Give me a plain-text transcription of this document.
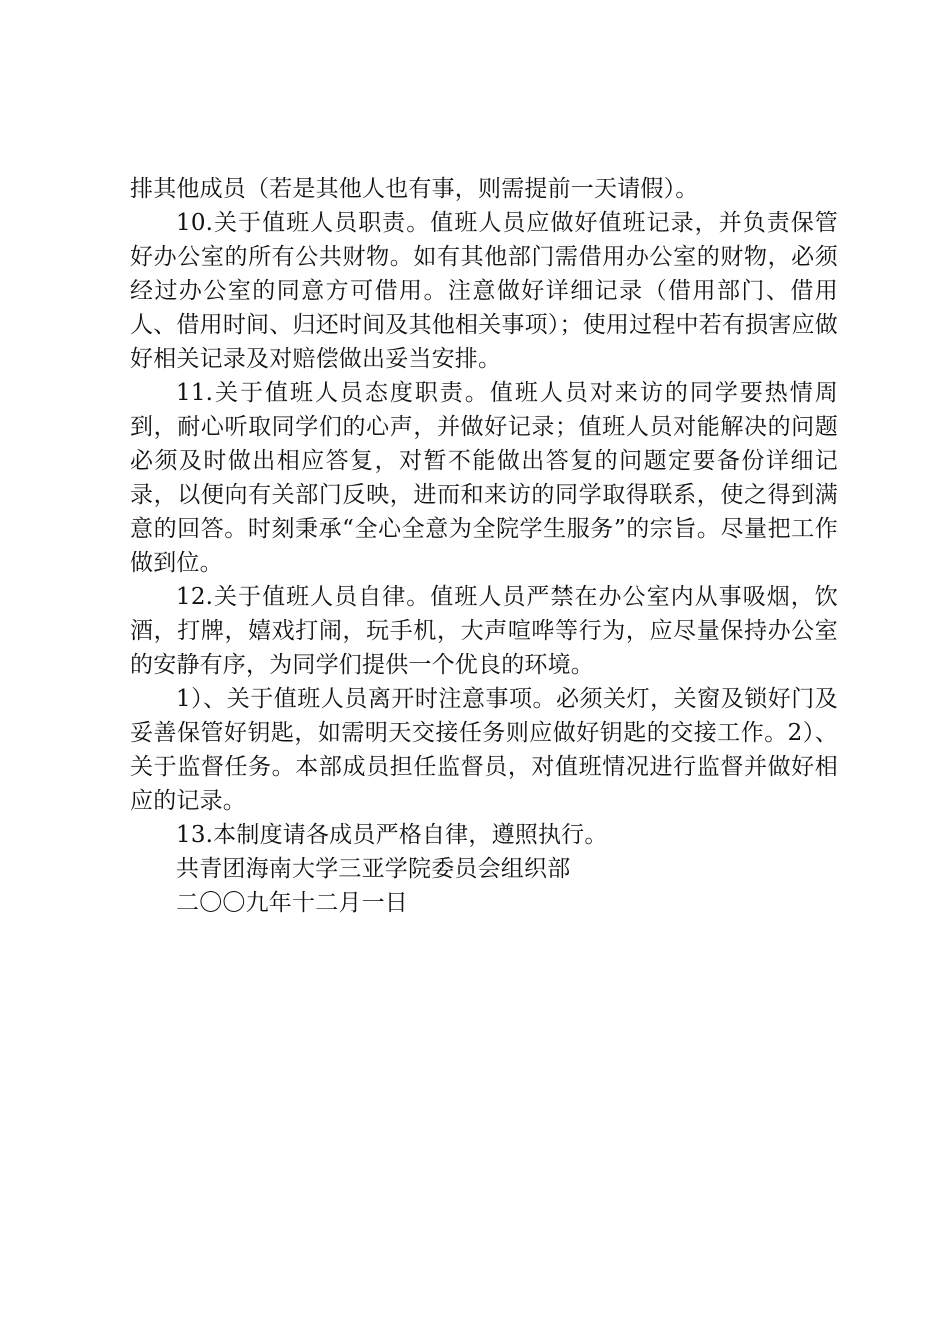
排其他成员（若是其他人也有事，则需提前一天请假）。

10.关于值班人员职责。值班人员应做好值班记录，并负责保管好办公室的所有公共财物。如有其他部门需借用办公室的财物，必须经过办公室的同意方可借用。注意做好详细记录（借用部门、借用人、借用时间、归还时间及其他相关事项）；使用过程中若有损害应做好相关记录及对赔偿做出妥当安排。

11.关于值班人员态度职责。值班人员对来访的同学要热情周到，耐心听取同学们的心声，并做好记录；值班人员对能解决的问题必须及时做出相应答复，对暂不能做出答复的问题定要备份详细记录，以便向有关部门反映，进而和来访的同学取得联系，使之得到满意的回答。时刻秉承“全心全意为全院学生服务”的宗旨。尽量把工作做到位。

12.关于值班人员自律。值班人员严禁在办公室内从事吸烟，饮酒，打牌，嬉戏打闹，玩手机，大声喧哗等行为，应尽量保持办公室的安静有序，为同学们提供一个优良的环境。

1）、关于值班人员离开时注意事项。必须关灯，关窗及锁好门及妥善保管好钥匙，如需明天交接任务则应做好钥匙的交接工作。2）、关于监督任务。本部成员担任监督员，对值班情况进行监督并做好相应的记录。

13.本制度请各成员严格自律，遵照执行。

共青团海南大学三亚学院委员会组织部

二〇〇九年十二月一日
